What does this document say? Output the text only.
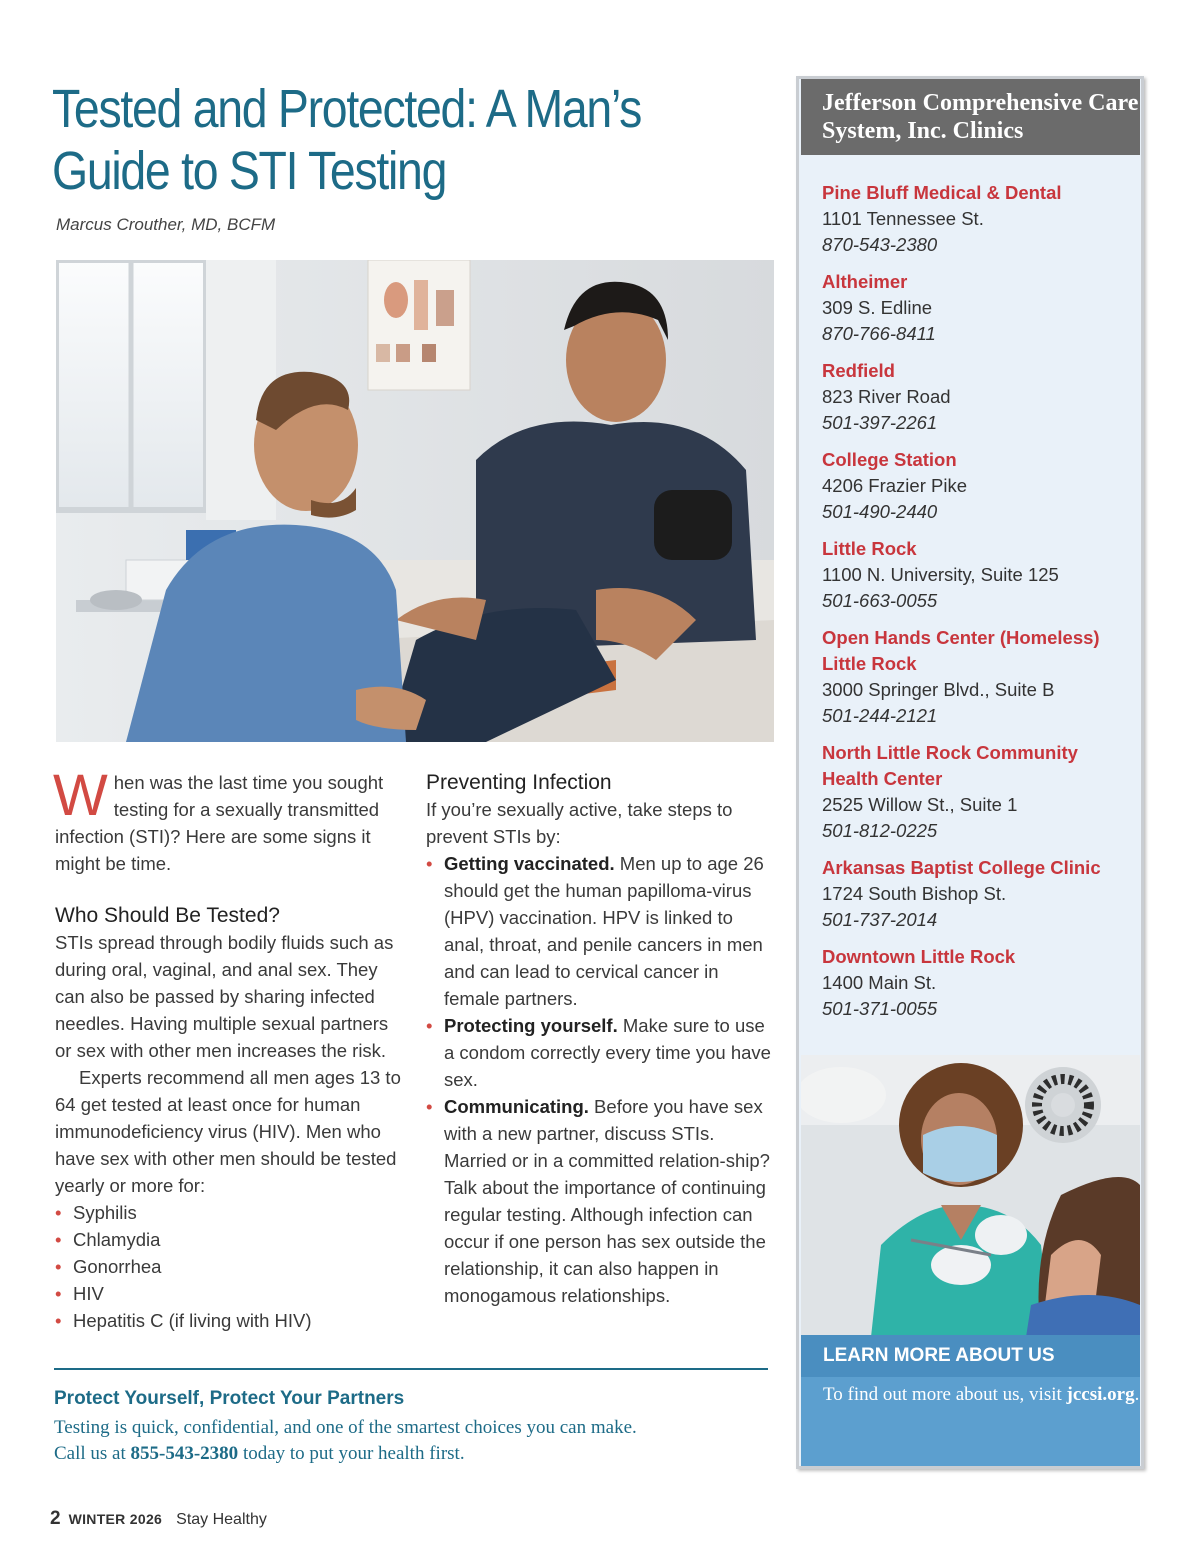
Tested and Protected: A Man’s
Guide to STI Testing
Marcus Crouther, MD, BCFM
When was the last time you sought testing for a sexually transmitted infection (STI)? Here are some signs it might be time.
Who Should Be Tested?

STIs spread through bodily fluids such as during oral, vaginal, and anal sex. They can also be passed by sharing infected needles. Having multiple sexual partners or sex with other men increases the risk.

Experts recommend all men ages 13 to 64 get tested at least once for human immunodeficiency virus (HIV). Men who have sex with other men should be tested yearly or more for:

• Syphilis
• Chlamydia
• Gonorrhea
• HIV
• Hepatitis C (if living with HIV)
Preventing Infection

If you’re sexually active, take steps to prevent STIs by:

• Getting vaccinated. Men up to age 26 should get the human papilloma-virus (HPV) vaccination. HPV is linked to anal, throat, and penile cancers in men and can lead to cervical cancer in female partners.
• Protecting yourself. Make sure to use a condom correctly every time you have sex.
• Communicating. Before you have sex with a new partner, discuss STIs. Married or in a committed relation-ship? Talk about the importance of continuing regular testing. Although infection can occur if one person has sex outside the relationship, it can also happen in monogamous relationships.
Protect Yourself, Protect Your Partners
Testing is quick, confidential, and one of the smartest choices you can make.
Call us at 855-543-2380 today to put your health first.
2 WINTER 2026 Stay Healthy
Jefferson Comprehensive Care System, Inc. Clinics
Pine Bluff Medical & Dental
1101 Tennessee St.
870-543-2380
Altheimer
309 S. Edline
870-766-8411
Redfield
823 River Road
501-397-2261
College Station
4206 Frazier Pike
501-490-2440
Little Rock
1100 N. University, Suite 125
501-663-0055
Open Hands Center (Homeless) Little Rock
3000 Springer Blvd., Suite B
501-244-2121
North Little Rock Community Health Center
2525 Willow St., Suite 1
501-812-0225
Arkansas Baptist College Clinic
1724 South Bishop St.
501-737-2014
Downtown Little Rock
1400 Main St.
501-371-0055
LEARN MORE ABOUT US
To find out more about us, visit jccsi.org.
